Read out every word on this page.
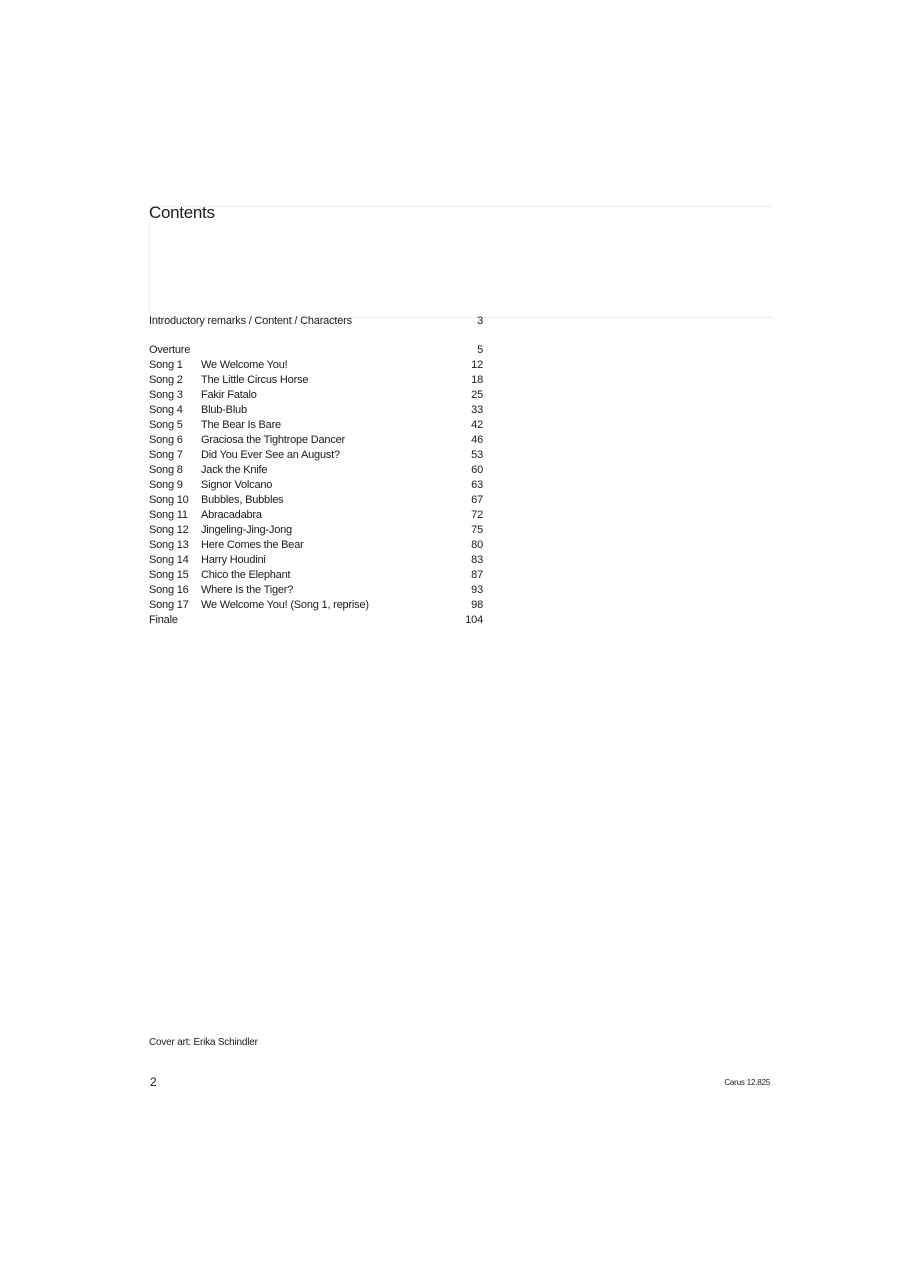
Contents
Introductory remarks / Content / Characters	3
Overture	5
Song 1 We Welcome You!	12
Song 2 The Little Circus Horse	18
Song 3 Fakir Fatalo	25
Song 4 Blub-Blub	33
Song 5 The Bear Is Bare	42
Song 6 Graciosa the Tightrope Dancer	46
Song 7 Did You Ever See an August?	53
Song 8 Jack the Knife	60
Song 9 Signor Volcano	63
Song 10 Bubbles, Bubbles	67
Song 11 Abracadabra	72
Song 12 Jingeling-Jing-Jong	75
Song 13 Here Comes the Bear	80
Song 14 Harry Houdini	83
Song 15 Chico the Elephant	87
Song 16 Where Is the Tiger?	93
Song 17 We Welcome You! (Song 1, reprise)	98
Finale	104
Cover art: Erika Schindler
2	Carus 12.825
